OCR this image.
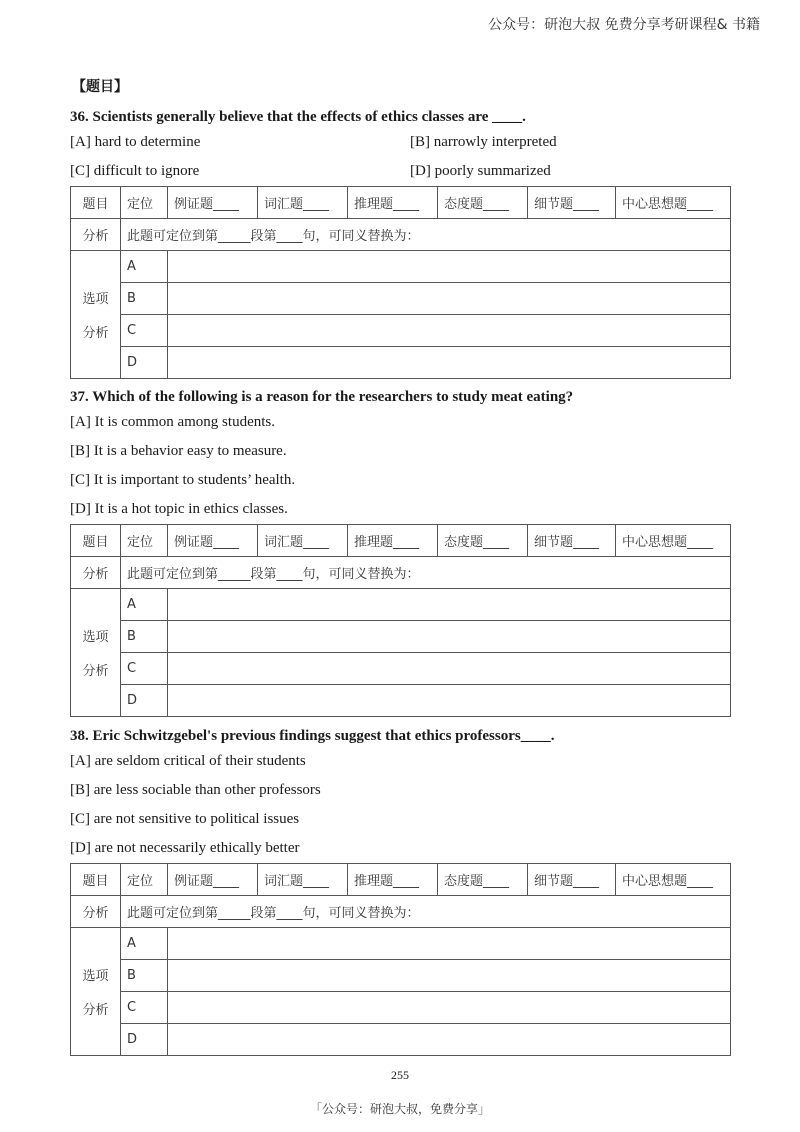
公众号：研泡大叔 免费分享考研课程& 书籍
【题目】
36. Scientists generally believe that the effects of ethics classes are ____.
[A] hard to determine	[B] narrowly interpreted
[C] difficult to ignore	[D] poorly summarized
题目	定位	例证题____	词汇题____	推理题____	态度题____	细节题____	中心思想题____
分析	此题可定位到第_____段第____句，可同义替换为：						
选项

分析	A						
	B						
	C						
	D						
37. Which of the following is a reason for the researchers to study meat eating?
[A] It is common among students.
[B] It is a behavior easy to measure.
[C] It is important to students’ health.
[D] It is a hot topic in ethics classes.
题目	定位	例证题____	词汇题____	推理题____	态度题____	细节题____	中心思想题____
分析	此题可定位到第_____段第____句，可同义替换为：						
选项

分析	A						
	B						
	C						
	D						
38. Eric Schwitzgebel's previous findings suggest that ethics professors____.
[A] are seldom critical of their students
[B] are less sociable than other professors
[C] are not sensitive to political issues
[D] are not necessarily ethically better
题目	定位	例证题____	词汇题____	推理题____	态度题____	细节题____	中心思想题____
分析	此题可定位到第_____段第____句，可同义替换为：						
选项

分析	A						
	B						
	C						
	D						
255
「公众号：研泡大叔，免费分享」
